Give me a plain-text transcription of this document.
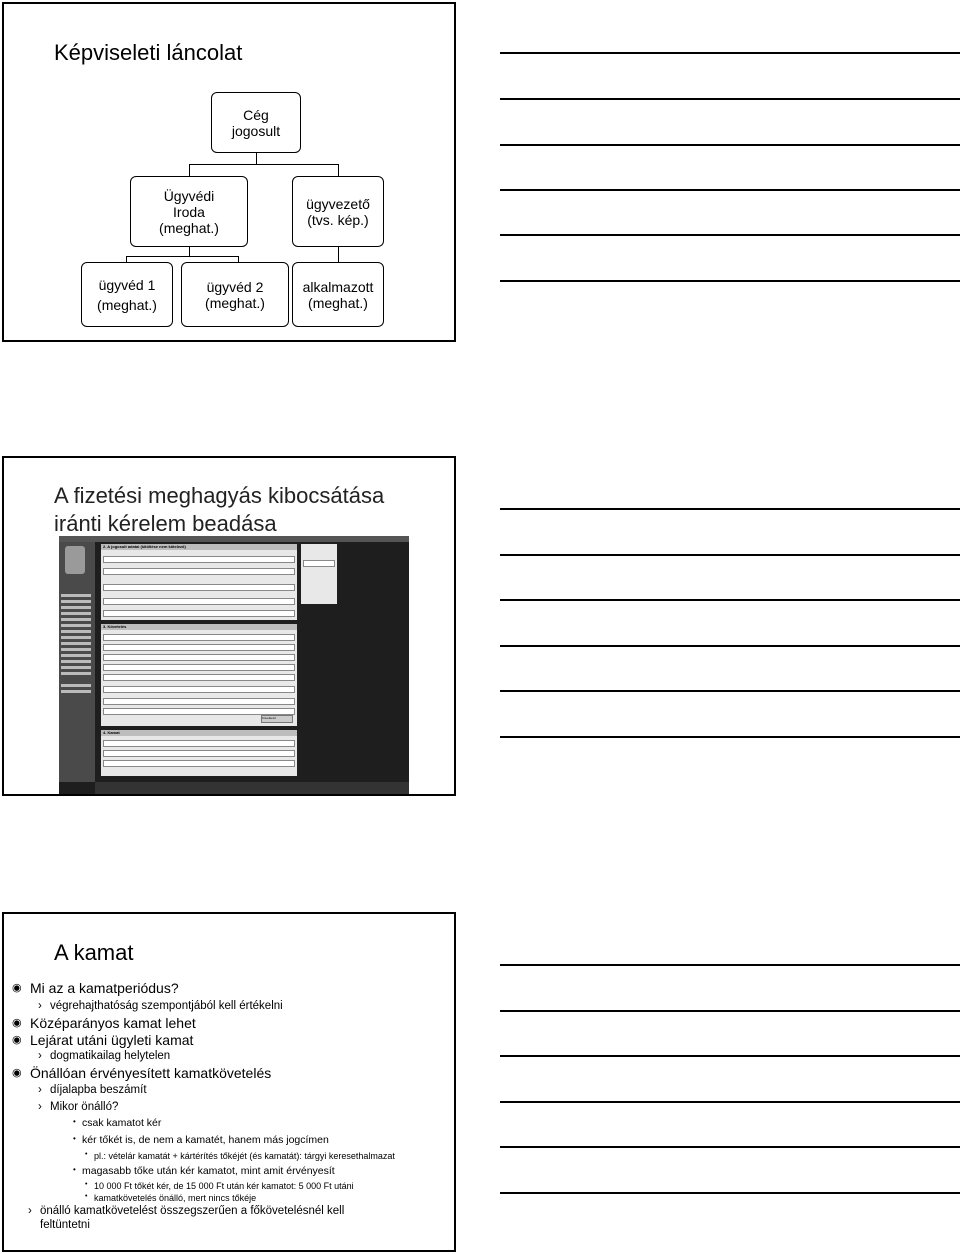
Képviseleti láncolat
Cég
jogosult
Ügyvédi
Iroda
(meghat.)
ügyvezető
(tvs. kép.)
ügyvéd 1
(meghat.)
ügyvéd 2
(meghat.)
alkalmazott
(meghat.)
A fizetési meghagyás kibocsátása
iránti kérelem beadása
2. A jogosult adatai (kitöltése nem kötelező)
3. Követelés
Következő
4. Kamat
A kamat
◉ Mi az a kamatperiódus?
› végrehajthatóság szempontjából kell értékelni
◉ Középarányos kamat lehet
◉ Lejárat utáni ügyleti kamat
› dogmatikailag helytelen
◉ Önállóan érvényesített kamatkövetelés
› díjalapba beszámít
› Mikor önálló?
• csak kamatot kér
• kér tőkét is, de nem a kamatét, hanem más jogcímen
• pl.: vételár kamatát + kártérítés tőkéjét (és kamatát): tárgyi keresethalmazat
• magasabb tőke után kér kamatot, mint amit érvényesít
• 10 000 Ft tőkét kér, de 15 000 Ft után kér kamatot: 5 000 Ft utáni
• kamatkövetelés önálló, mert nincs tőkéje
› önálló kamatkövetelést összegszerűen a főkövetelésnél kell
feltüntetni
